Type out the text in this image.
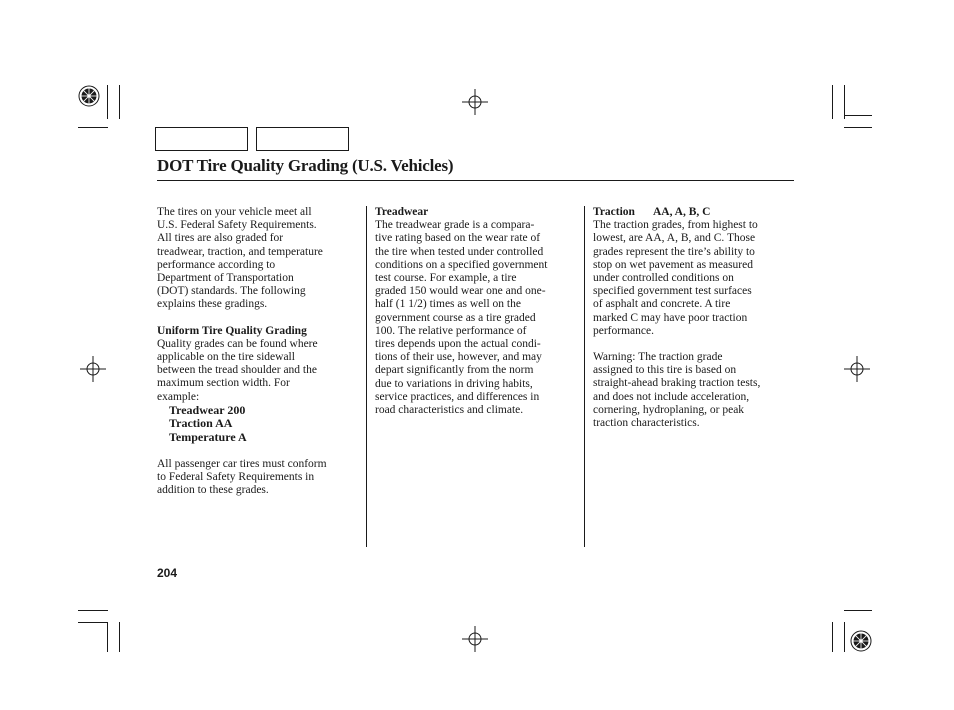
DOT Tire Quality Grading (U.S. Vehicles)

The tires on your vehicle meet all

U.S. Federal Safety Requirements.

All tires are also graded for

treadwear, traction, and temperature

performance according to

Department of Transportation

(DOT) standards. The following

explains these gradings.

Uniform Tire Quality Grading

Quality grades can be found where

applicable on the tire sidewall

between the tread shoulder and the

maximum section width. For

example:

Treadwear 200

Traction AA

Temperature A

All passenger car tires must conform

to Federal Safety Requirements in

addition to these grades.

Treadwear

The treadwear grade is a compara-

tive rating based on the wear rate of

the tire when tested under controlled

conditions on a specified government

test course. For example, a tire

graded 150 would wear one and one-

half (1 1/2) times as well on the

government course as a tire graded

100. The relative performance of

tires depends upon the actual condi-

tions of their use, however, and may

depart significantly from the norm

due to variations in driving habits,

service practices, and differences in

road characteristics and climate.

Traction AA, A, B, C

The traction grades, from highest to

lowest, are AA, A, B, and C. Those

grades represent the tire’s ability to

stop on wet pavement as measured

under controlled conditions on

specified government test surfaces

of asphalt and concrete. A tire

marked C may have poor traction

performance.

Warning: The traction grade

assigned to this tire is based on

straight-ahead braking traction tests,

and does not include acceleration,

cornering, hydroplaning, or peak

traction characteristics.

204
